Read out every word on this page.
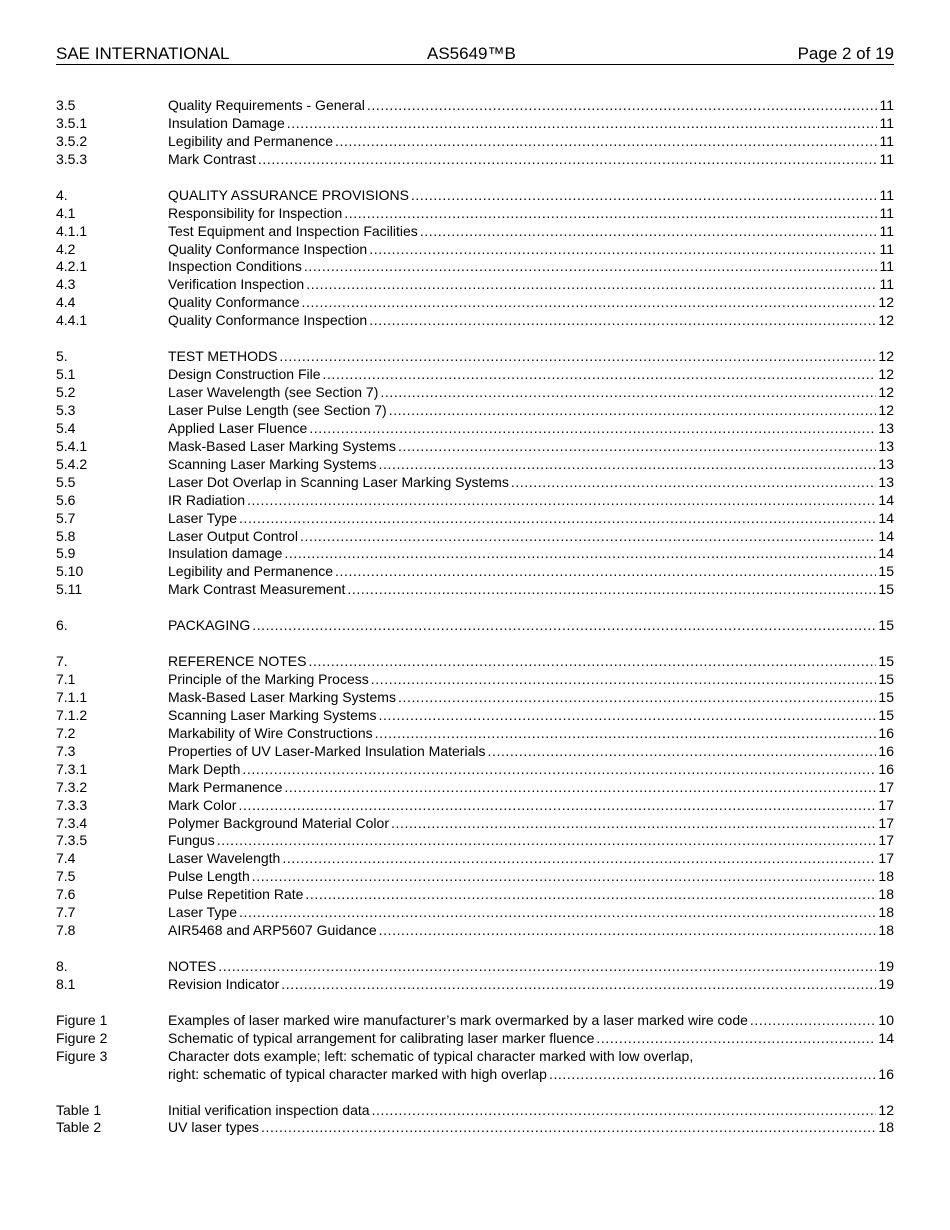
SAE INTERNATIONAL	AS5649™B	Page 2 of 19
3.5	Quality Requirements - General .....	11
3.5.1	Insulation Damage .....	11
3.5.2	Legibility and Permanence .....	11
3.5.3	Mark Contrast .....	11
4.	QUALITY ASSURANCE PROVISIONS .....	11
4.1	Responsibility for Inspection .....	11
4.1.1	Test Equipment and Inspection Facilities .....	11
4.2	Quality Conformance Inspection .....	11
4.2.1	Inspection Conditions .....	11
4.3	Verification Inspection .....	11
4.4	Quality Conformance .....	12
4.4.1	Quality Conformance Inspection .....	12
5.	TEST METHODS .....	12
5.1	Design Construction File .....	12
5.2	Laser Wavelength (see Section 7) .....	12
5.3	Laser Pulse Length (see Section 7) .....	12
5.4	Applied Laser Fluence .....	13
5.4.1	Mask-Based Laser Marking Systems .....	13
5.4.2	Scanning Laser Marking Systems .....	13
5.5	Laser Dot Overlap in Scanning Laser Marking Systems .....	13
5.6	IR Radiation .....	14
5.7	Laser Type .....	14
5.8	Laser Output Control .....	14
5.9	Insulation damage .....	14
5.10	Legibility and Permanence .....	15
5.11	Mark Contrast Measurement .....	15
6.	PACKAGING .....	15
7.	REFERENCE NOTES .....	15
7.1	Principle of the Marking Process .....	15
7.1.1	Mask-Based Laser Marking Systems .....	15
7.1.2	Scanning Laser Marking Systems .....	15
7.2	Markability of Wire Constructions .....	16
7.3	Properties of UV Laser-Marked Insulation Materials .....	16
7.3.1	Mark Depth .....	16
7.3.2	Mark Permanence .....	17
7.3.3	Mark Color .....	17
7.3.4	Polymer Background Material Color .....	17
7.3.5	Fungus .....	17
7.4	Laser Wavelength .....	17
7.5	Pulse Length .....	18
7.6	Pulse Repetition Rate .....	18
7.7	Laser Type .....	18
7.8	AIR5468 and ARP5607 Guidance .....	18
8.	NOTES .....	19
8.1	Revision Indicator .....	19
Figure 1	Examples of laser marked wire manufacturer’s mark overmarked by a laser marked wire code .....	10
Figure 2	Schematic of typical arrangement for calibrating laser marker fluence .....	14
Figure 3	Character dots example; left: schematic of typical character marked with low overlap,
right: schematic of typical character marked with high overlap .....	16
Table 1	Initial verification inspection data .....	12
Table 2	UV laser types .....	18
